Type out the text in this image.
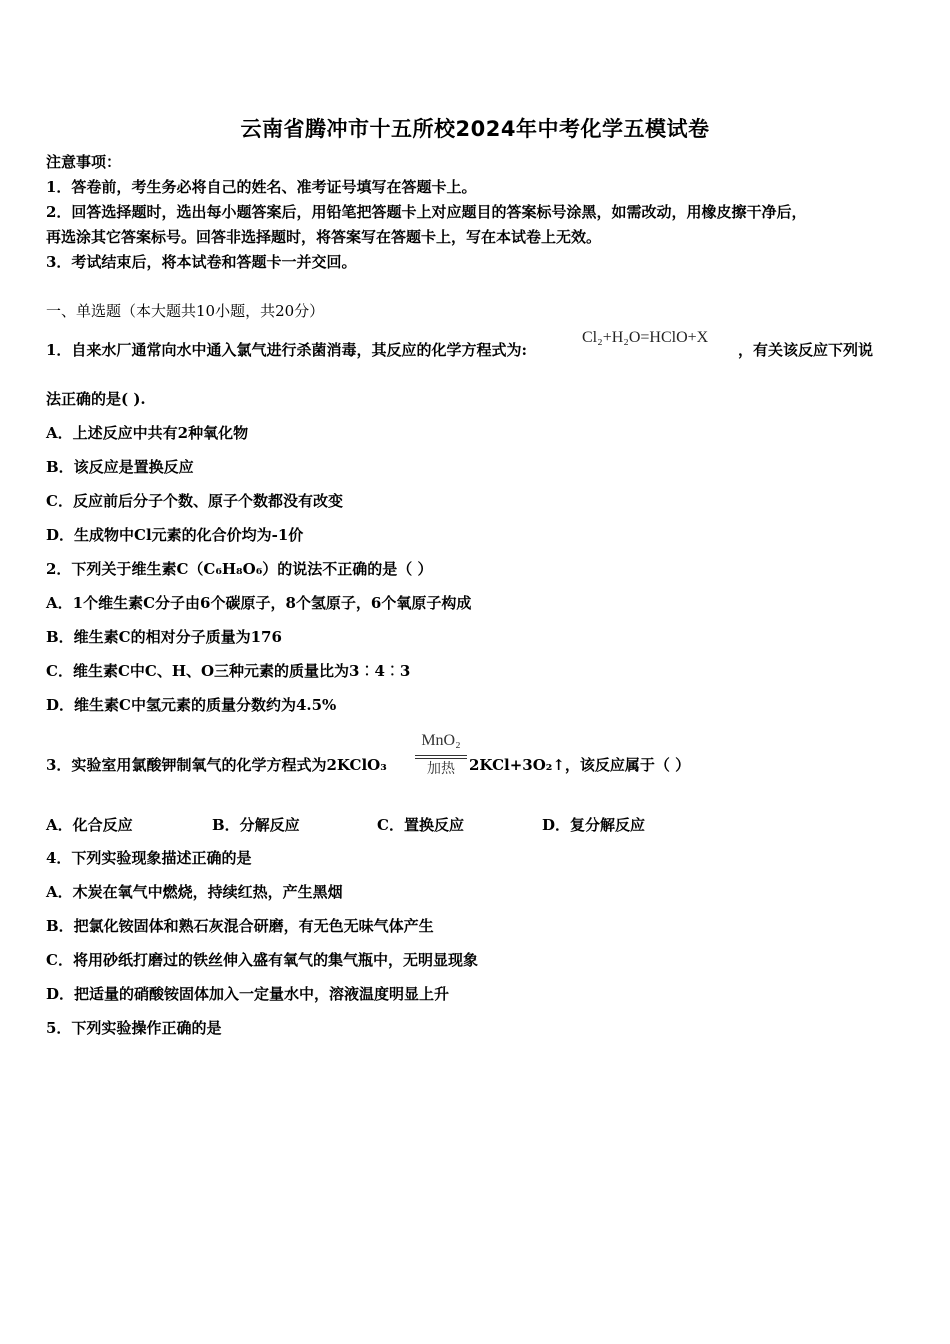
云南省腾冲市十五所校2024年中考化学五模试卷
注意事项：
1．答卷前，考生务必将自己的姓名、准考证号填写在答题卡上。
2．回答选择题时，选出每小题答案后，用铅笔把答题卡上对应题目的答案标号涂黑，如需改动，用橡皮擦干净后，
再选涂其它答案标号。回答非选择题时，将答案写在答题卡上，写在本试卷上无效。
3．考试结束后，将本试卷和答题卡一并交回。
一、单选题（本大题共10小题，共20分）
1．自来水厂通常向水中通入氯气进行杀菌消毒，其反应的化学方程式为:
Cl₂+H₂O=HClO+X
，有关该反应下列说
法正确的是( ).
A．上述反应中共有2种氧化物
B．该反应是置换反应
C．反应前后分子个数、原子个数都没有改变
D．生成物中Cl元素的化合价均为-1价
2．下列关于维生素C（C₆H₈O₆）的说法不正确的是（ ）
A．1个维生素C分子由6个碳原子，8个氢原子，6个氧原子构成
B．维生素C的相对分子质量为176
C．维生素C中C、H、O三种元素的质量比为3︰4︰3
D．维生素C中氢元素的质量分数约为4.5%
3．实验室用氯酸钾制氧气的化学方程式为2KClO₃
MnO₂
加热 2KCl+3O₂↑，该反应属于（ ）
A．化合反应	B．分解反应	C．置换反应	D．复分解反应
4．下列实验现象描述正确的是
A．木炭在氧气中燃烧，持续红热，产生黑烟
B．把氯化铵固体和熟石灰混合研磨，有无色无味气体产生
C．将用砂纸打磨过的铁丝伸入盛有氧气的集气瓶中，无明显现象
D．把适量的硝酸铵固体加入一定量水中，溶液温度明显上升
5．下列实验操作正确的是
